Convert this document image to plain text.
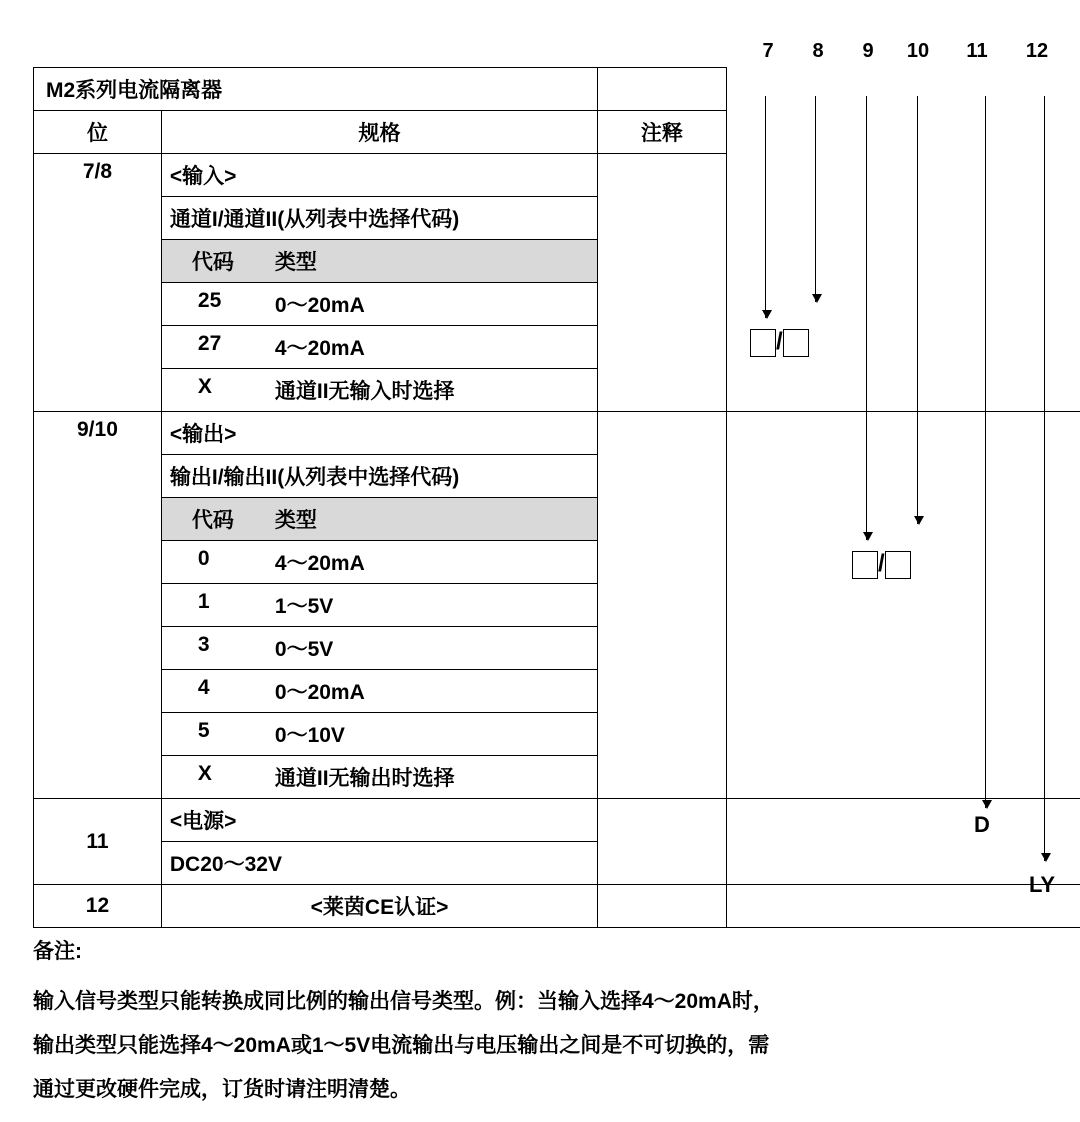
7	8	9	10 11 12
M2系列电流隔离器			
位	规格	注释	
7/8	<输入>		
	通道I/通道II(从列表中选择代码)		

	代码 类型		

	25 0～20mA		

	27 4～20mA		

	X 通道II无输入时选择		

9/10	<输出>		
	输出I/输出II(从列表中选择代码)		

	代码 类型		

	0 4～20mA		

	1 1～5V		

	3 0～5V		

	4 0～20mA		

	5 0～10V		

	X 通道II无输出时选择		

11	<电源>		
	DC20～32V		
12	<莱茵CE认证>		
/
/
D
LY
备注:

输入信号类型只能转换成同比例的输出信号类型。例：当输入选择4～20mA时，

输出类型只能选择4～20mA或1～5V电流输出与电压输出之间是不可切换的，需

通过更改硬件完成，订货时请注明清楚。
